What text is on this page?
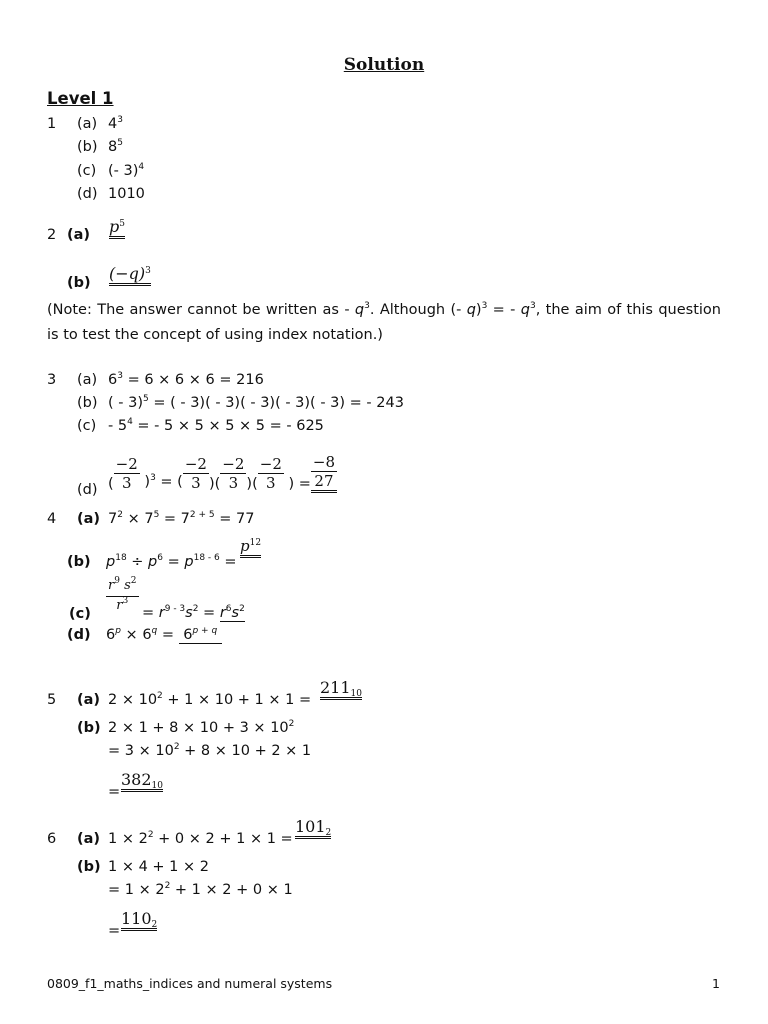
Solution
Level 1
1 (a) $4^3$
(b) $8^5$
(c) (- 3)$^4$
(d) 1010
2 (a) $p^5$
(b) $(-q)^3$
(Note: The answer cannot be written as - $q^3$. Although (- q)$^3$ = - $q^3$, the aim of this question is to test the concept of using index notation.)
3 (a) $6^3 = 6 \times 6 \times 6 = 216$
(b) ( - 3)$^5$ = ( - 3)( - 3)( - 3)( - 3)( - 3) = - 243
$(c) - 5^4$ = - 5 × 5 × 5 × 5 = - 625
(d) ( $\frac{-2}{3} )^3$ = ( $\frac{-2}{3}$ )( $\frac{-2}{3}$ )( $\frac{-2}{3}$ ) = $\frac{-8}{27}$
4 (a) $7^2 \times 7^5 = 7^{2 + 5} = 77$
(b) $p^{18} \div p^6 = p^{18 - 6}$ =
$p^{12}$
$\frac{r^9 s^2}{r^3}$
(c)	= $r^{9 - 3}s^2 = r^6s^2$
(d) $6^p \times 6^q = 6^{p + q}$
5 (a) $2 \times 10^2 + 1 \times 10 + 1 \times 1$ =
$211_{10}$
(b) $2 \times 1 + 8 \times 10 + 3 \times 10^2$
= $3 \times 10^2 + 8 \times 10 + 2 \times 1$
=
$382_{10}$
6 (a) $1 \times 2^2 + 0 \times 2 + 1 \times 1$ =
$101_2$
(b) 1 × 4 + 1 × 2
= $1 \times 2^2 + 1 \times 2 + 0 \times 1$
=
$110_2$
0809_f1_maths_indices and numeral systems	1
